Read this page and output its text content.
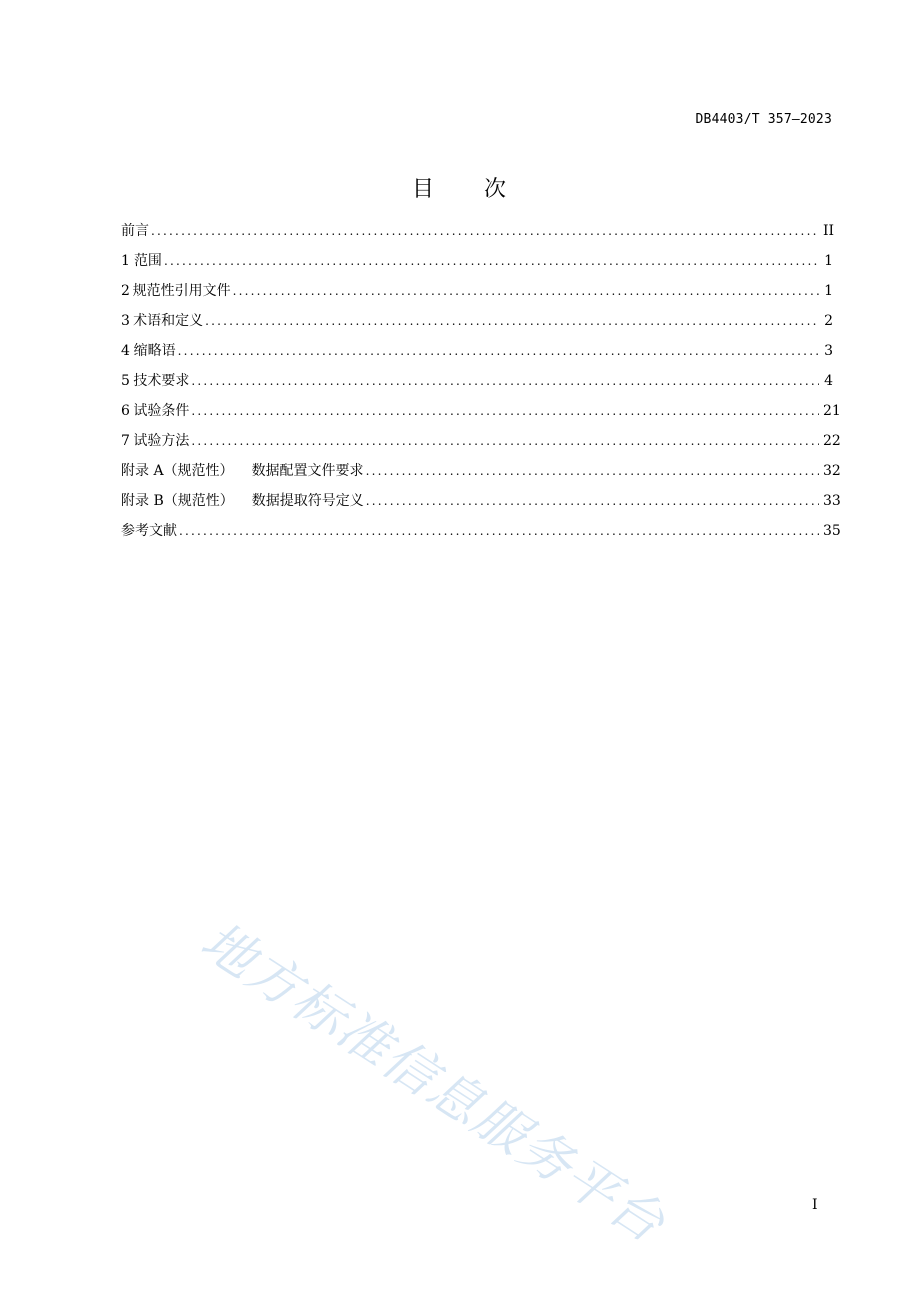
DB4403/T 357—2023
目 次
前言 .....	II
1 范围 .....	1
2 规范性引用文件 .....	1
3 术语和定义 .....	2
4 缩略语 .....	3
5 技术要求 .....	4
6 试验条件 .....	21
7 试验方法 .....	22
附录 A（规范性） 数据配置文件要求 .....	32
附录 B（规范性） 数据提取符号定义 .....	33
参考文献 .....	35
地方标准信息服务平台	I
